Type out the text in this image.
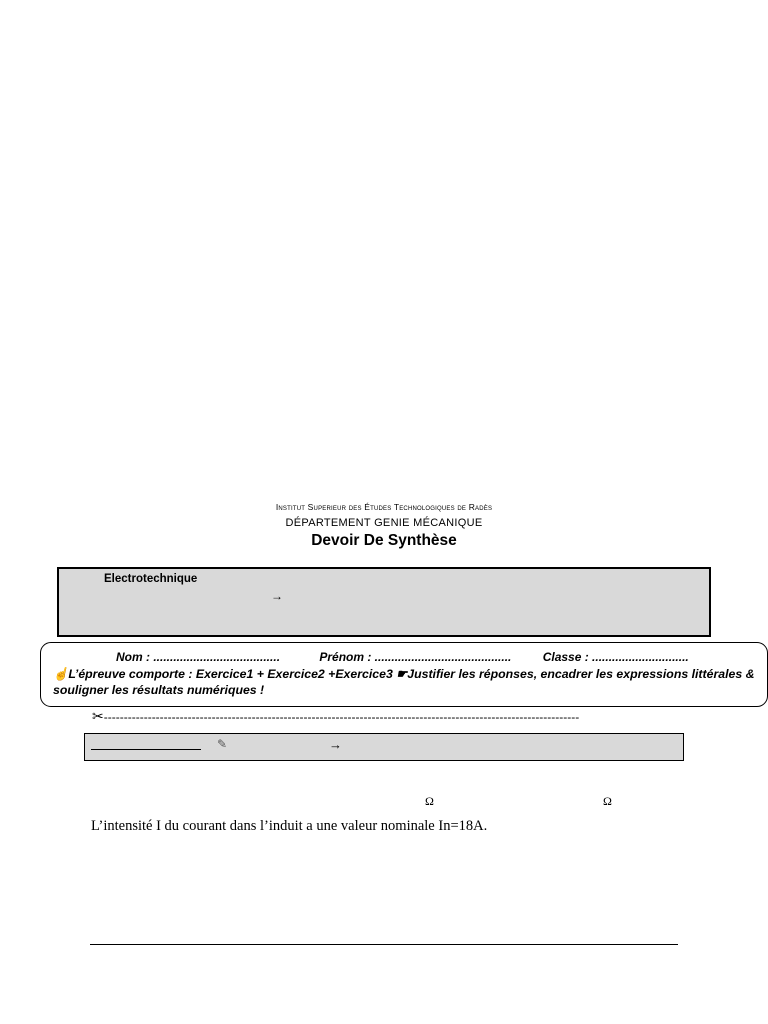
Institut Superieur des Études Technologiques de Radès
DÉPARTEMENT GENIE MÉCANIQUE
Devoir De Synthèse
Electrotechnique
→
Nom : ......................................	Prénom : .........................................	Classe : .............................
☝L’épreuve comporte : Exercice1 + Exercice2 +Exercice3 ☛Justifier les réponses, encadrer les expressions littérales & souligner les résultats numériques !
✂-----------------------------------------------------------------------------------------------------------------------
✎	→
Ω	Ω
L’intensité I du courant dans l’induit a une valeur nominale In=18A.
